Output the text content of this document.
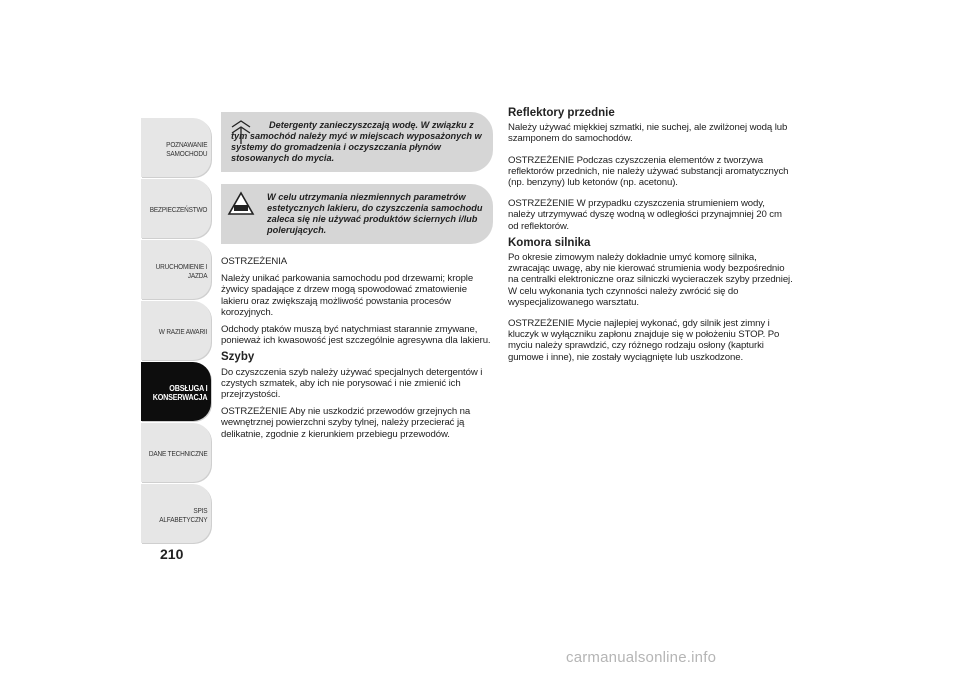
POZNAWANIE SAMOCHODU
BEZPIECZEŃSTWO
URUCHOMIENIE I JAZDA
W RAZIE AWARII
OBSŁUGA I KONSERWACJA
DANE TECHNICZNE
SPIS ALFABETYCZNY
210
Detergenty zanieczyszczają wodę. W związku z tym samochód należy myć w miejscach wyposażonych w systemy do gromadzenia i oczyszczania płynów stosowanych do mycia.
W celu utrzymania niezmiennych parametrów estetycznych lakieru, do czyszczenia samochodu zaleca się nie używać produktów ściernych i/lub polerujących.

OSTRZEŻENIA

Należy unikać parkowania samochodu pod drzewami; krople żywicy spadające z drzew mogą spowodować zmatowienie lakieru oraz zwiększają możliwość powstania procesów korozyjnych.

Odchody ptaków muszą być natychmiast starannie zmywane, ponieważ ich kwasowość jest szczególnie agresywna dla lakieru.

Szyby

Do czyszczenia szyb należy używać specjalnych detergentów i czystych szmatek, aby ich nie porysować i nie zmienić ich przejrzystości.

OSTRZEŻENIE Aby nie uszkodzić przewodów grzejnych na wewnętrznej powierzchni szyby tylnej, należy przecierać ją delikatnie, zgodnie z kierunkiem przebiegu przewodów.

Reflektory przednie

Należy używać miękkiej szmatki, nie suchej, ale zwilżonej wodą lub szamponem do samochodów.

OSTRZEŻENIE Podczas czyszczenia elementów z tworzywa reflektorów przednich, nie należy używać substancji aromatycznych (np. benzyny) lub ketonów (np. acetonu).

OSTRZEŻENIE W przypadku czyszczenia strumieniem wody, należy utrzymywać dyszę wodną w odległości przynajmniej 20 cm od reflektorów.

Komora silnika

Po okresie zimowym należy dokładnie umyć komorę silnika, zwracając uwagę, aby nie kierować strumienia wody bezpośrednio na centralki elektroniczne oraz silniczki wycieraczek szyby przedniej. W celu wykonania tych czynności należy zwrócić się do wyspecjalizowanego warsztatu.

OSTRZEŻENIE Mycie najlepiej wykonać, gdy silnik jest zimny i kluczyk w wyłączniku zapłonu znajduje się w położeniu STOP. Po myciu należy sprawdzić, czy różnego rodzaju osłony (kapturki gumowe i inne), nie zostały wyciągnięte lub uszkodzone.

carmanualsonline.info
